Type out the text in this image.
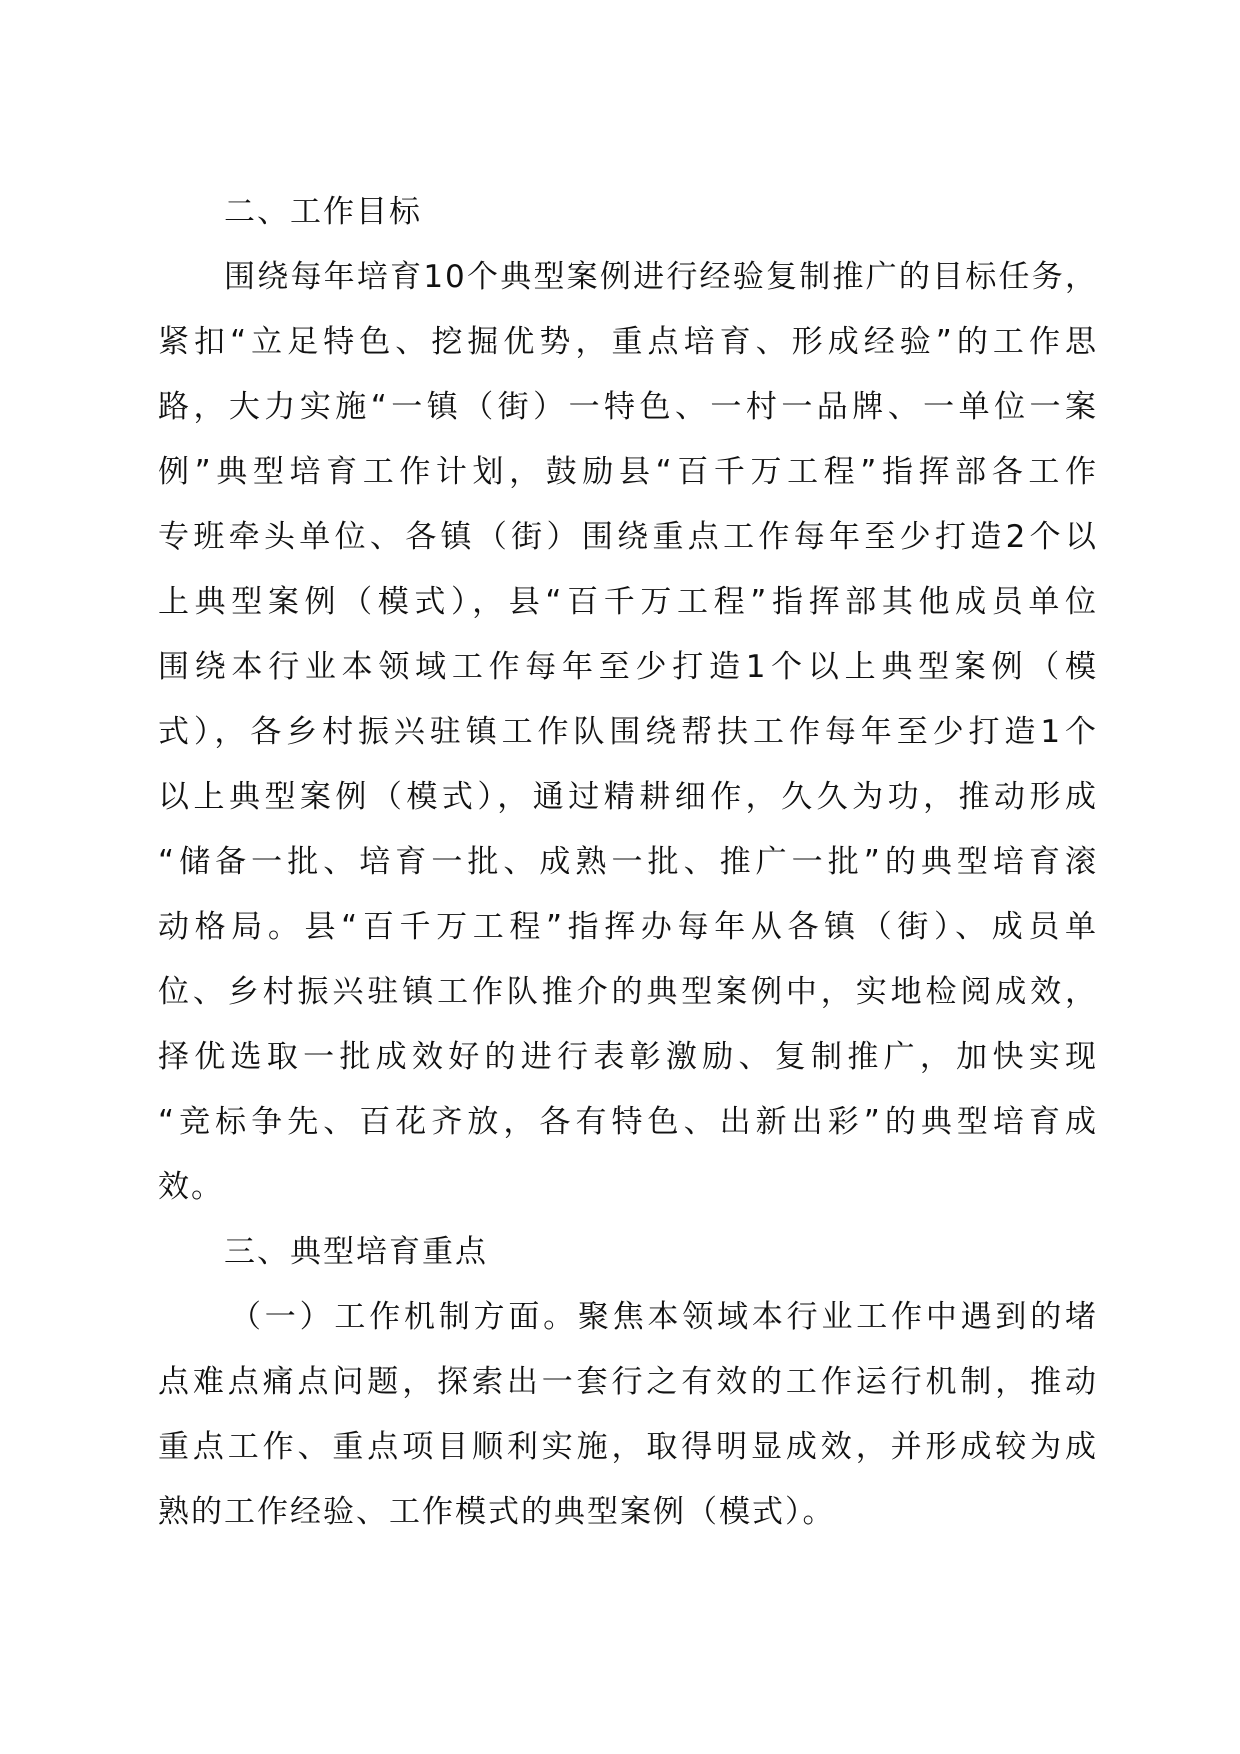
二、工作目标
围绕每年培育10个典型案例进行经验复制推广的目标任务，
紧扣“立足特色、挖掘优势，重点培育、形成经验”的工作思
路，大力实施“一镇（街）一特色、一村一品牌、一单位一案
例”典型培育工作计划，鼓励县“百千万工程”指挥部各工作
专班牵头单位、各镇（街）围绕重点工作每年至少打造2个以
上典型案例（模式），县“百千万工程”指挥部其他成员单位
围绕本行业本领域工作每年至少打造1个以上典型案例（模
式），各乡村振兴驻镇工作队围绕帮扶工作每年至少打造1个
以上典型案例（模式），通过精耕细作，久久为功，推动形成
“储备一批、培育一批、成熟一批、推广一批”的典型培育滚
动格局。县“百千万工程”指挥办每年从各镇（街）、成员单
位、乡村振兴驻镇工作队推介的典型案例中，实地检阅成效，
择优选取一批成效好的进行表彰激励、复制推广，加快实现
“竞标争先、百花齐放，各有特色、出新出彩”的典型培育成
效。
三、典型培育重点
（一）工作机制方面。聚焦本领域本行业工作中遇到的堵
点难点痛点问题，探索出一套行之有效的工作运行机制，推动
重点工作、重点项目顺利实施，取得明显成效，并形成较为成
熟的工作经验、工作模式的典型案例（模式）。
